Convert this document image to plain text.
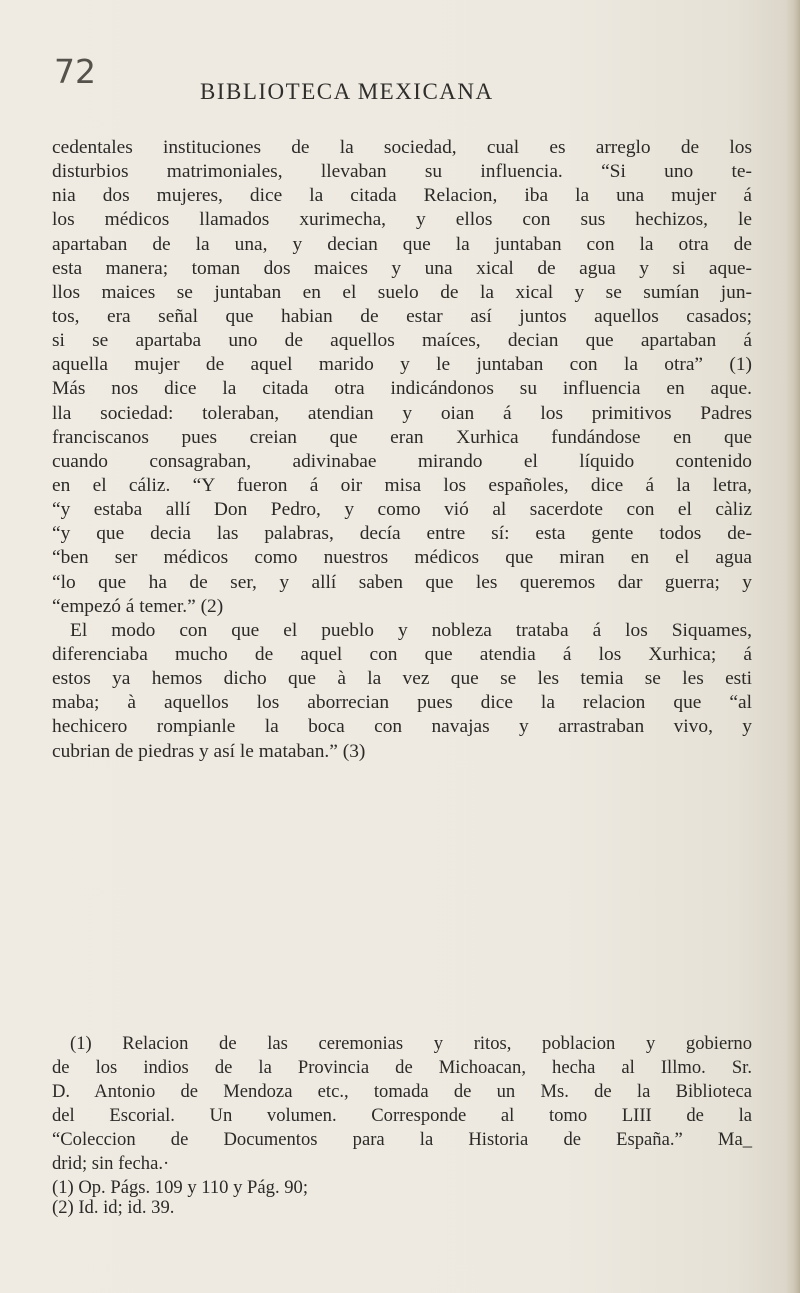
72
BIBLIOTECA MEXICANA
cedentales instituciones de la sociedad, cual es arreglo de los
disturbios matrimoniales, llevaban su influencia. “Si uno te-
nia dos mujeres, dice la citada Relacion, iba la una mujer á
los médicos llamados xurimecha, y ellos con sus hechizos, le
apartaban de la una, y decian que la juntaban con la otra de
esta manera; toman dos maices y una xical de agua y si aque-
llos maices se juntaban en el suelo de la xical y se sumían jun-
tos, era señal que habian de estar así juntos aquellos casados;
si se apartaba uno de aquellos maíces, decian que apartaban á
aquella mujer de aquel marido y le juntaban con la otra” (1)
Más nos dice la citada otra indicándonos su influencia en aque.
lla sociedad: toleraban, atendian y oian á los primitivos Padres
franciscanos pues creian que eran Xurhica fundándose en que
cuando consagraban, adivinabae mirando el líquido contenido
en el cáliz. “Y fueron á oir misa los españoles, dice á la letra,
“y estaba allí Don Pedro, y como vió al sacerdote con el càliz
“y que decia las palabras, decía entre sí: esta gente todos de-
“ben ser médicos como nuestros médicos que miran en el agua
“lo que ha de ser, y allí saben que les queremos dar guerra; y
“empezó á temer.” (2)
El modo con que el pueblo y nobleza trataba á los Siquames,
diferenciaba mucho de aquel con que atendia á los Xurhica; á
estos ya hemos dicho que à la vez que se les temia se les esti
maba; à aquellos los aborrecian pues dice la relacion que “al
hechicero rompianle la boca con navajas y arrastraban vivo, y
cubrian de piedras y así le mataban.” (3)
(1) Relacion de las ceremonias y ritos, poblacion y gobierno
de los indios de la Provincia de Michoacan, hecha al Illmo. Sr.
D. Antonio de Mendoza etc., tomada de un Ms. de la Biblioteca
del Escorial. Un volumen. Corresponde al tomo LIII de la
“Coleccion de Documentos para la Historia de España.” Ma_
drid; sin fecha.·
(1) Op. Págs. 109 y 110 y Pág. 90;
(2) Id. id; id. 39.
